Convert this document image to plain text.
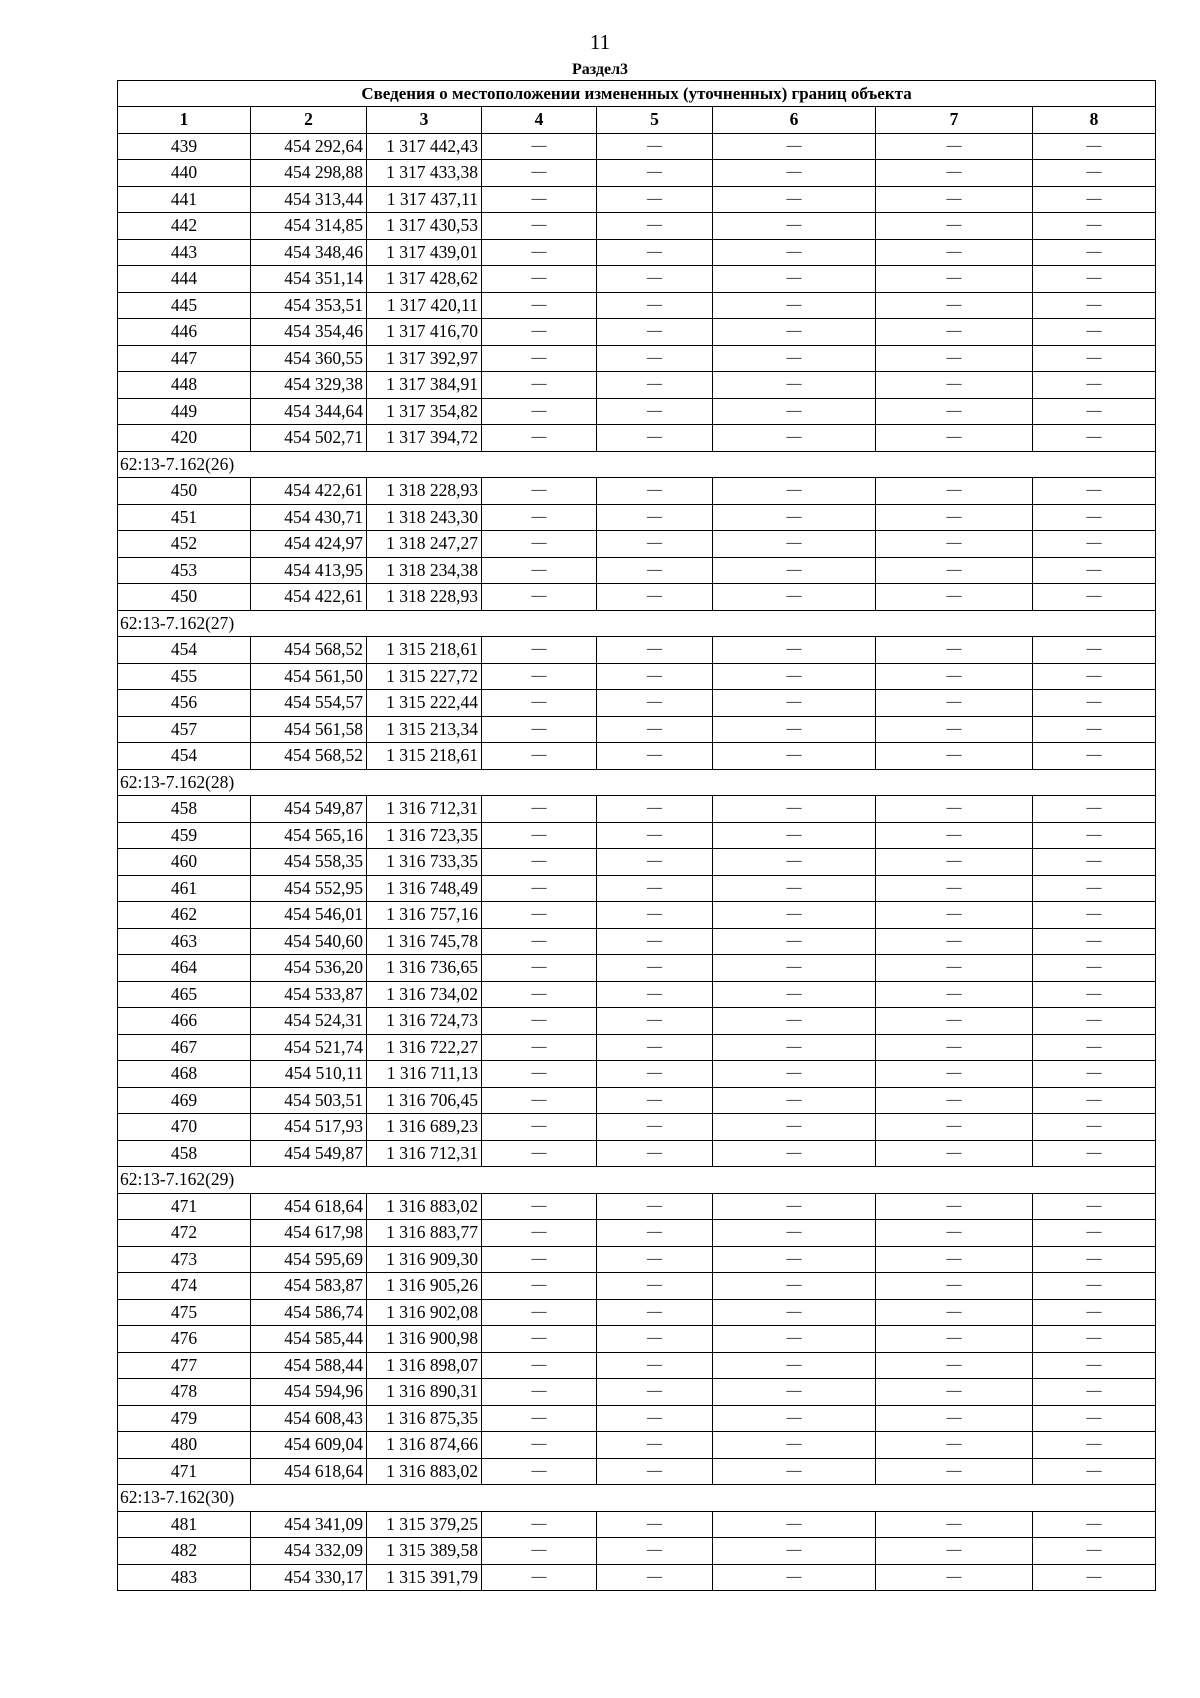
11
Раздел3
Сведения о местоположении измененных (уточненных) границ объекта							
1	2	3	4	5	6	7	8
439	454 292,64	1 317 442,43	—	—	—	—	—
440	454 298,88	1 317 433,38	—	—	—	—	—
441	454 313,44	1 317 437,11	—	—	—	—	—
442	454 314,85	1 317 430,53	—	—	—	—	—
443	454 348,46	1 317 439,01	—	—	—	—	—
444	454 351,14	1 317 428,62	—	—	—	—	—
445	454 353,51	1 317 420,11	—	—	—	—	—
446	454 354,46	1 317 416,70	—	—	—	—	—
447	454 360,55	1 317 392,97	—	—	—	—	—
448	454 329,38	1 317 384,91	—	—	—	—	—
449	454 344,64	1 317 354,82	—	—	—	—	—
420	454 502,71	1 317 394,72	—	—	—	—	—
62:13-7.162(26)							
450	454 422,61	1 318 228,93	—	—	—	—	—
451	454 430,71	1 318 243,30	—	—	—	—	—
452	454 424,97	1 318 247,27	—	—	—	—	—
453	454 413,95	1 318 234,38	—	—	—	—	—
450	454 422,61	1 318 228,93	—	—	—	—	—
62:13-7.162(27)							
454	454 568,52	1 315 218,61	—	—	—	—	—
455	454 561,50	1 315 227,72	—	—	—	—	—
456	454 554,57	1 315 222,44	—	—	—	—	—
457	454 561,58	1 315 213,34	—	—	—	—	—
454	454 568,52	1 315 218,61	—	—	—	—	—
62:13-7.162(28)							
458	454 549,87	1 316 712,31	—	—	—	—	—
459	454 565,16	1 316 723,35	—	—	—	—	—
460	454 558,35	1 316 733,35	—	—	—	—	—
461	454 552,95	1 316 748,49	—	—	—	—	—
462	454 546,01	1 316 757,16	—	—	—	—	—
463	454 540,60	1 316 745,78	—	—	—	—	—
464	454 536,20	1 316 736,65	—	—	—	—	—
465	454 533,87	1 316 734,02	—	—	—	—	—
466	454 524,31	1 316 724,73	—	—	—	—	—
467	454 521,74	1 316 722,27	—	—	—	—	—
468	454 510,11	1 316 711,13	—	—	—	—	—
469	454 503,51	1 316 706,45	—	—	—	—	—
470	454 517,93	1 316 689,23	—	—	—	—	—
458	454 549,87	1 316 712,31	—	—	—	—	—
62:13-7.162(29)							
471	454 618,64	1 316 883,02	—	—	—	—	—
472	454 617,98	1 316 883,77	—	—	—	—	—
473	454 595,69	1 316 909,30	—	—	—	—	—
474	454 583,87	1 316 905,26	—	—	—	—	—
475	454 586,74	1 316 902,08	—	—	—	—	—
476	454 585,44	1 316 900,98	—	—	—	—	—
477	454 588,44	1 316 898,07	—	—	—	—	—
478	454 594,96	1 316 890,31	—	—	—	—	—
479	454 608,43	1 316 875,35	—	—	—	—	—
480	454 609,04	1 316 874,66	—	—	—	—	—
471	454 618,64	1 316 883,02	—	—	—	—	—
62:13-7.162(30)							
481	454 341,09	1 315 379,25	—	—	—	—	—
482	454 332,09	1 315 389,58	—	—	—	—	—
483	454 330,17	1 315 391,79	—	—	—	—	—
